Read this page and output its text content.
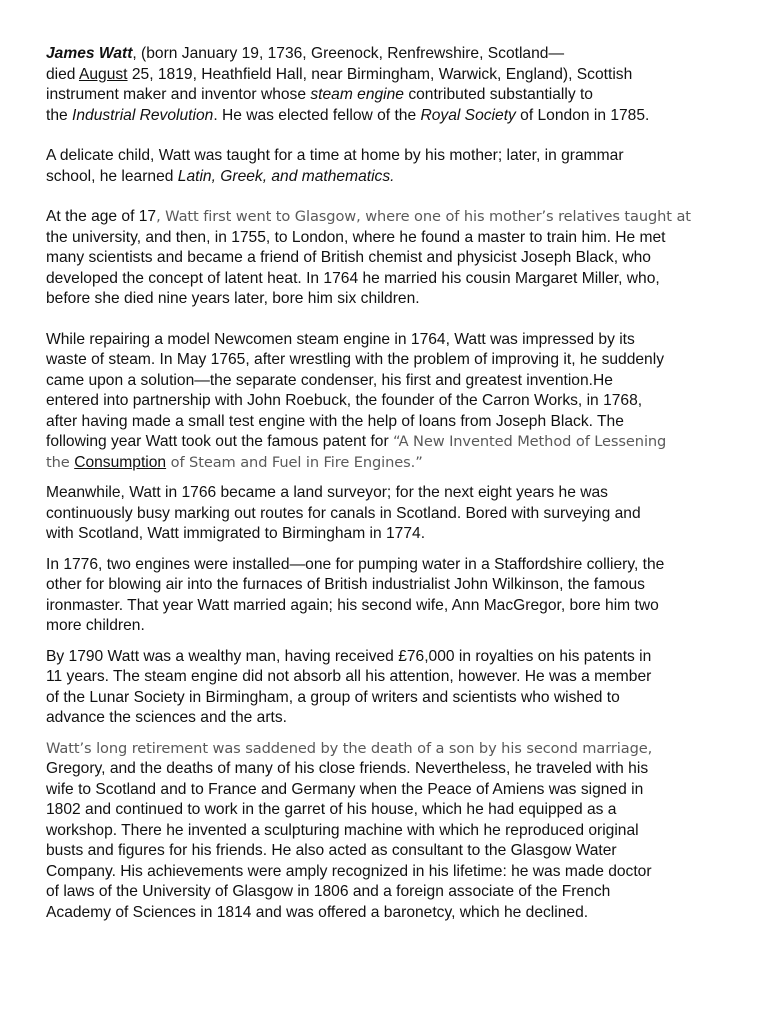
James Watt, (born January 19, 1736, Greenock, Renfrewshire, Scotland—
died August 25, 1819, Heathfield Hall, near Birmingham, Warwick, England), Scottish
instrument maker and inventor whose steam engine contributed substantially to
the Industrial Revolution. He was elected fellow of the Royal Society of London in 1785.

A delicate child, Watt was taught for a time at home by his mother; later, in grammar
school, he learned Latin, Greek, and mathematics.

At the age of 17, Watt first went to Glasgow, where one of his mother’s relatives taught at
the university, and then, in 1755, to London, where he found a master to train him. He met
many scientists and became a friend of British chemist and physicist Joseph Black, who
developed the concept of latent heat. In 1764 he married his cousin Margaret Miller, who,
before she died nine years later, bore him six children.

While repairing a model Newcomen steam engine in 1764, Watt was impressed by its
waste of steam. In May 1765, after wrestling with the problem of improving it, he suddenly
came upon a solution—the separate condenser, his first and greatest invention.He
entered into partnership with John Roebuck, the founder of the Carron Works, in 1768,
after having made a small test engine with the help of loans from Joseph Black. The
following year Watt took out the famous patent for “A New Invented Method of Lessening
the Consumption of Steam and Fuel in Fire Engines.”

Meanwhile, Watt in 1766 became a land surveyor; for the next eight years he was
continuously busy marking out routes for canals in Scotland. Bored with surveying and
with Scotland, Watt immigrated to Birmingham in 1774.

In 1776, two engines were installed—one for pumping water in a Staffordshire colliery, the
other for blowing air into the furnaces of British industrialist John Wilkinson, the famous
ironmaster. That year Watt married again; his second wife, Ann MacGregor, bore him two
more children.

By 1790 Watt was a wealthy man, having received £76,000 in royalties on his patents in
11 years. The steam engine did not absorb all his attention, however. He was a member
of the Lunar Society in Birmingham, a group of writers and scientists who wished to
advance the sciences and the arts.

Watt’s long retirement was saddened by the death of a son by his second marriage,
Gregory, and the deaths of many of his close friends. Nevertheless, he traveled with his
wife to Scotland and to France and Germany when the Peace of Amiens was signed in
1802 and continued to work in the garret of his house, which he had equipped as a
workshop. There he invented a sculpturing machine with which he reproduced original
busts and figures for his friends. He also acted as consultant to the Glasgow Water
Company. His achievements were amply recognized in his lifetime: he was made doctor
of laws of the University of Glasgow in 1806 and a foreign associate of the French
Academy of Sciences in 1814 and was offered a baronetcy, which he declined.
